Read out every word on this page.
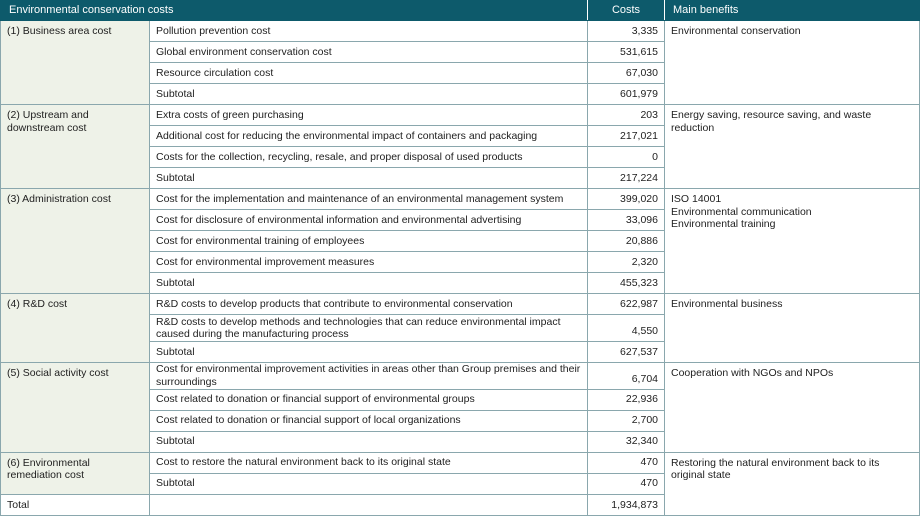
Environmental conservation costs		Costs	Main benefits
(1) Business area cost	Pollution prevention cost	3,335	Environmental conservation

	Global environment conservation cost	531,615	
	Resource circulation cost	67,030	
	Subtotal	601,979	
(2) Upstream and downstream cost	Extra costs of green purchasing	203	Energy saving, resource saving, and waste reduction

	Additional cost for reducing the environmental impact of containers and packaging	217,021	
	Costs for the collection, recycling, resale, and proper disposal of used products	0	
	Subtotal	217,224	
(3) Administration cost	Cost for the implementation and maintenance of an environmental management system	399,020	ISO 14001
Environmental communication
Environmental training

	Cost for disclosure of environmental information and environmental advertising	33,096	
	Cost for environmental training of employees	20,886	
	Cost for environmental improvement measures	2,320	
	Subtotal	455,323	
(4) R&D cost	R&D costs to develop products that contribute to environmental conservation	622,987	Environmental business

	R&D costs to develop methods and technologies that can reduce environmental impact caused during the manufacturing process	4,550	
	Subtotal	627,537	
(5) Social activity cost	Cost for environmental improvement activities in areas other than Group premises and their surroundings	6,704	Cooperation with NGOs and NPOs

	Cost related to donation or financial support of environmental groups	22,936	
	Cost related to donation or financial support of local organizations	2,700	
	Subtotal	32,340	
(6) Environmental remediation cost	Cost to restore the natural environment back to its original state	470	Restoring the natural environment back to its original state

	Subtotal	470	
Total		1,934,873	
